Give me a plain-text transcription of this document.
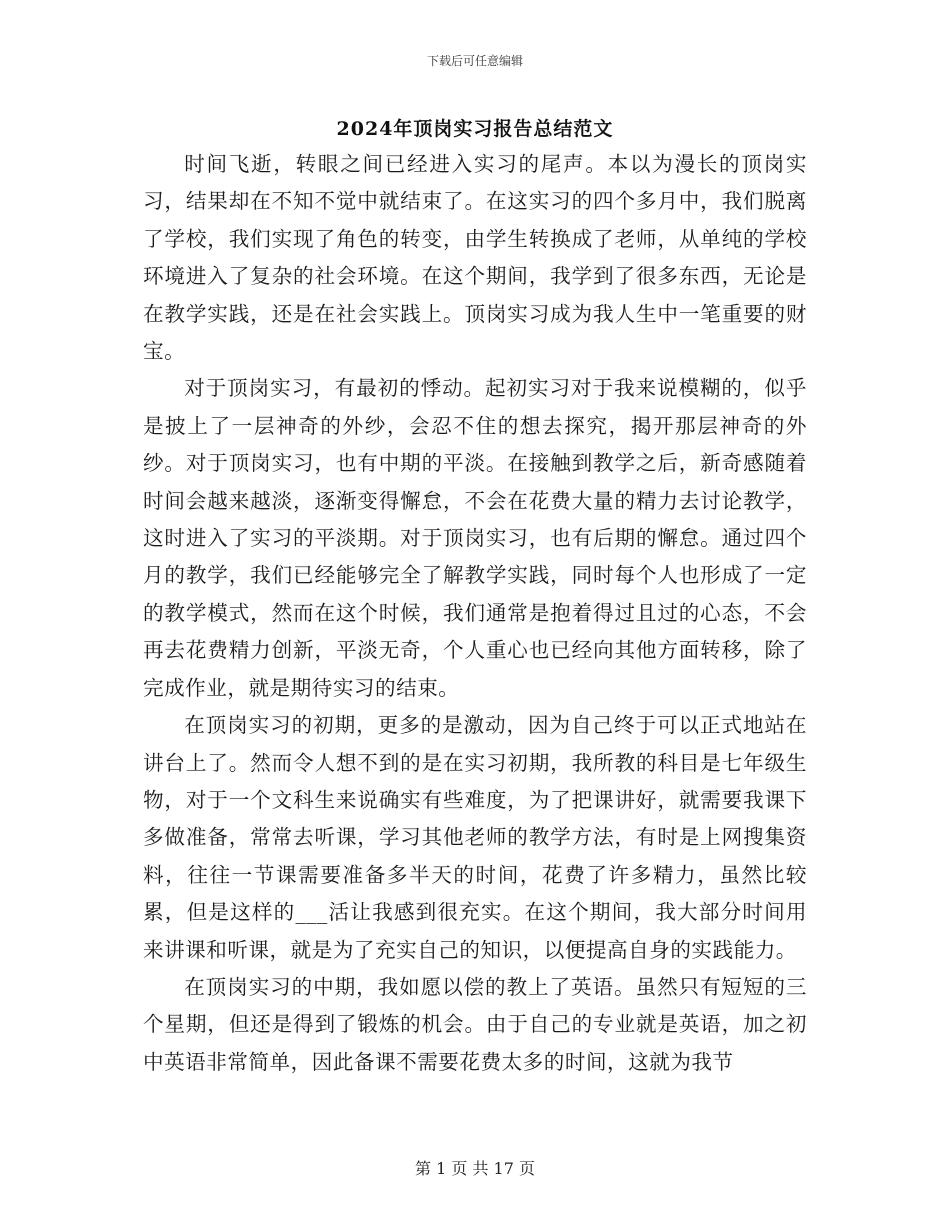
下载后可任意编辑
2024年顶岗实习报告总结范文

时间飞逝，转眼之间已经进入实习的尾声。本以为漫长的顶岗实习，结果却在不知不觉中就结束了。在这实习的四个多月中，我们脱离了学校，我们实现了角色的转变，由学生转换成了老师，从单纯的学校环境进入了复杂的社会环境。在这个期间，我学到了很多东西，无论是在教学实践，还是在社会实践上。顶岗实习成为我人生中一笔重要的财宝。

对于顶岗实习，有最初的悸动。起初实习对于我来说模糊的，似乎是披上了一层神奇的外纱，会忍不住的想去探究，揭开那层神奇的外纱。对于顶岗实习，也有中期的平淡。在接触到教学之后，新奇感随着时间会越来越淡，逐渐变得懈怠，不会在花费大量的精力去讨论教学，这时进入了实习的平淡期。对于顶岗实习，也有后期的懈怠。通过四个月的教学，我们已经能够完全了解教学实践，同时每个人也形成了一定的教学模式，然而在这个时候，我们通常是抱着得过且过的心态，不会再去花费精力创新，平淡无奇，个人重心也已经向其他方面转移，除了完成作业，就是期待实习的结束。

在顶岗实习的初期，更多的是激动，因为自己终于可以正式地站在讲台上了。然而令人想不到的是在实习初期，我所教的科目是七年级生物，对于一个文科生来说确实有些难度，为了把课讲好，就需要我课下多做准备，常常去听课，学习其他老师的教学方法，有时是上网搜集资料，往往一节课需要准备多半天的时间，花费了许多精力，虽然比较累，但是这样的___活让我感到很充实。在这个期间，我大部分时间用来讲课和听课，就是为了充实自己的知识，以便提高自身的实践能力。

在顶岗实习的中期，我如愿以偿的教上了英语。虽然只有短短的三个星期，但还是得到了锻炼的机会。由于自己的专业就是英语，加之初中英语非常简单，因此备课不需要花费太多的时间，这就为我节

第 1 页 共 17 页
